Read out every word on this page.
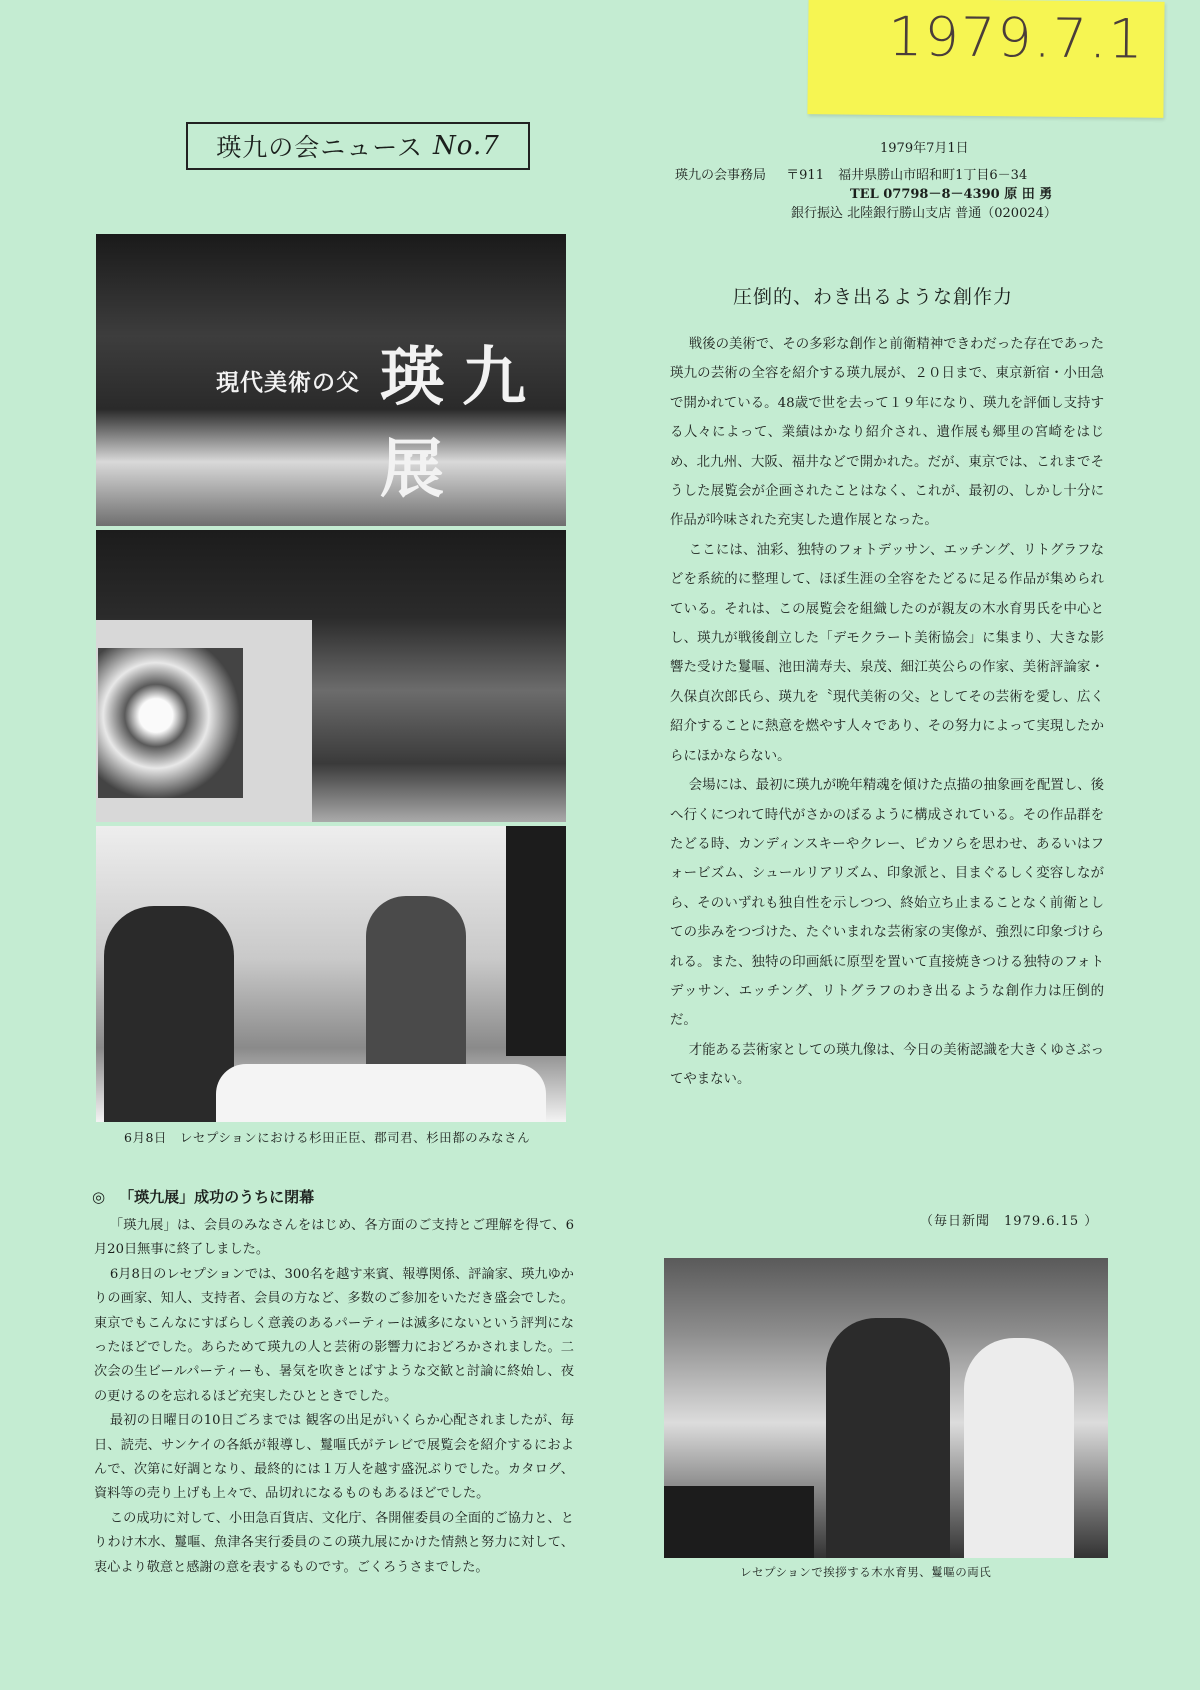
1979.7.1
瑛九の会ニュース No.7	1979年7月1日
瑛九の会事務局 〒911 福井県勝山市昭和町1丁目6－34
TEL 07798－8－4390 原 田 勇
銀行振込 北陸銀行勝山支店 普通（020024）
現代美術の父 瑛九展
6月8日　レセプションにおける杉田正臣、郡司君、杉田都のみなさん
圧倒的、わき出るような創作力

戦後の美術で、その多彩な創作と前衛精神できわだった存在であった瑛九の芸術の全容を紹介する瑛九展が、２０日まで、東京新宿・小田急で開かれている。48歳で世を去って１９年になり、瑛九を評価し支持する人々によって、業績はかなり紹介され、遺作展も郷里の宮崎をはじめ、北九州、大阪、福井などで開かれた。だが、東京では、これまでそうした展覧会が企画されたことはなく、これが、最初の、しかし十分に作品が吟味された充実した遺作展となった。

ここには、油彩、独特のフォトデッサン、エッチング、リトグラフなどを系統的に整理して、ほぼ生涯の全容をたどるに足る作品が集められている。それは、この展覧会を組織したのが親友の木水育男氏を中心とし、瑛九が戦後創立した「デモクラート美術協会」に集まり、大きな影響た受けた鬘嘔、池田満寿夫、泉茂、細江英公らの作家、美術評論家・久保貞次郎氏ら、瑛九を〝現代美術の父〟としてその芸術を愛し、広く紹介することに熱意を燃やす人々であり、その努力によって実現したからにほかならない。

会場には、最初に瑛九が晩年精魂を傾けた点描の抽象画を配置し、後へ行くにつれて時代がさかのぼるように構成されている。その作品群をたどる時、カンディンスキーやクレー、ピカソらを思わせ、あるいはフォービズム、シュールリアリズム、印象派と、目まぐるしく変容しながら、そのいずれも独自性を示しつつ、終始立ち止まることなく前衛としての歩みをつづけた、たぐいまれな芸術家の実像が、強烈に印象づけられる。また、独特の印画紙に原型を置いて直接焼きつける独特のフォトデッサン、エッチング、リトグラフのわき出るような創作力は圧倒的だ。

才能ある芸術家としての瑛九像は、今日の美術認識を大きくゆさぶってやまない。

（毎日新聞　1979.6.15 ）
レセプションで挨拶する木水育男、鬘嘔の両氏
◎ 「瑛九展」成功のうちに閉幕

「瑛九展」は、会員のみなさんをはじめ、各方面のご支持とご理解を得て、6月20日無事に終了しました。

6月8日のレセプションでは、300名を越す来賓、報導関係、評論家、瑛九ゆかりの画家、知人、支持者、会員の方など、多数のご参加をいただき盛会でした。東京でもこんなにすばらしく意義のあるパーティーは滅多にないという評判になったほどでした。あらためて瑛九の人と芸術の影響力におどろかされました。二次会の生ビールパーティーも、暑気を吹きとばすような交歓と討論に終始し、夜の更けるのを忘れるほど充実したひとときでした。

最初の日曜日の10日ごろまでは 観客の出足がいくらか心配されましたが、毎日、読売、サンケイの各紙が報導し、鬘嘔氏がテレビで展覧会を紹介するにおよんで、次第に好調となり、最終的には１万人を越す盛況ぶりでした。カタログ、資料等の売り上げも上々で、品切れになるものもあるほどでした。

この成功に対して、小田急百貨店、文化庁、各開催委員の全面的ご協力と、とりわけ木水、鬘嘔、魚津各実行委員のこの瑛九展にかけた情熱と努力に対して、衷心より敬意と感謝の意を表するものです。ごくろうさまでした。
